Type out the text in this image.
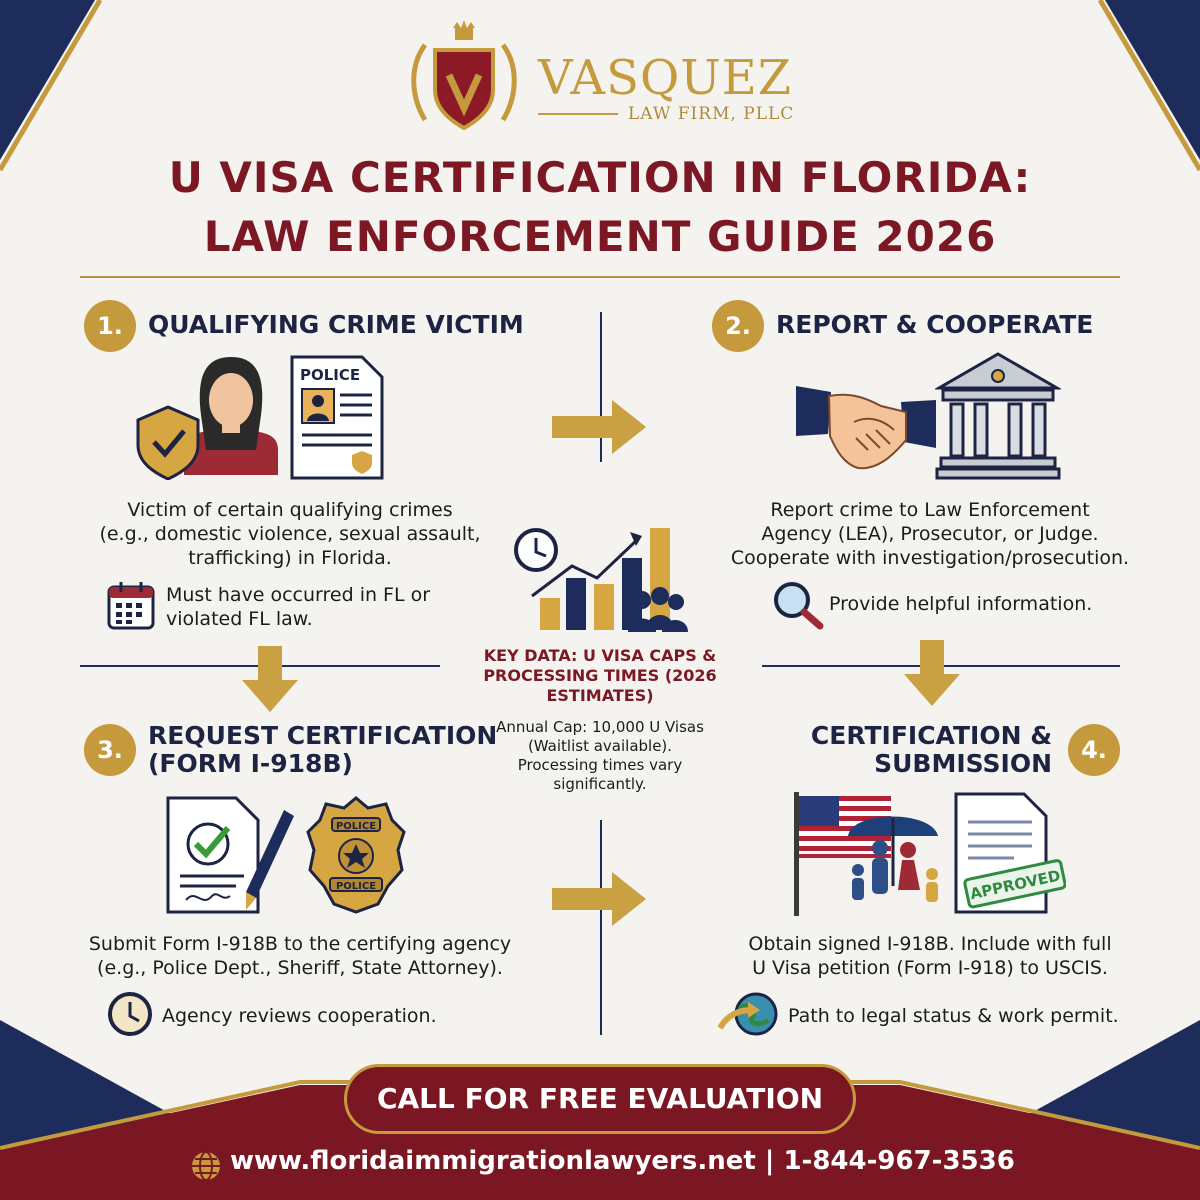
VASQUEZ
LAW FIRM, PLLC
U VISA CERTIFICATION IN FLORIDA:
LAW ENFORCEMENT GUIDE 2026
1.	QUALIFYING CRIME VICTIM
POLICE
Victim of certain qualifying crimes
(e.g., domestic violence, sexual assault,
trafficking) in Florida.
Must have occurred in FL or
violated FL law.
2.	REPORT & COOPERATE
Report crime to Law Enforcement
Agency (LEA), Prosecutor, or Judge.
Cooperate with investigation/prosecution.
Provide helpful information.
KEY DATA: U VISA CAPS &
PROCESSING TIMES (2026
ESTIMATES)
Annual Cap: 10,000 U Visas
(Waitlist available).
Processing times vary
significantly.
3.	REQUEST CERTIFICATION
(FORM I-918B)
POLICE
POLICE
Submit Form I-918B to the certifying agency
(e.g., Police Dept., Sheriff, State Attorney).
Agency reviews cooperation.
CERTIFICATION &
SUBMISSION	4.
APPROVED
Obtain signed I-918B. Include with full
U Visa petition (Form I-918) to USCIS.
Path to legal status & work permit.
CALL FOR FREE EVALUATION
www.floridaimmigrationlawyers.net | 1-844-967-3536
